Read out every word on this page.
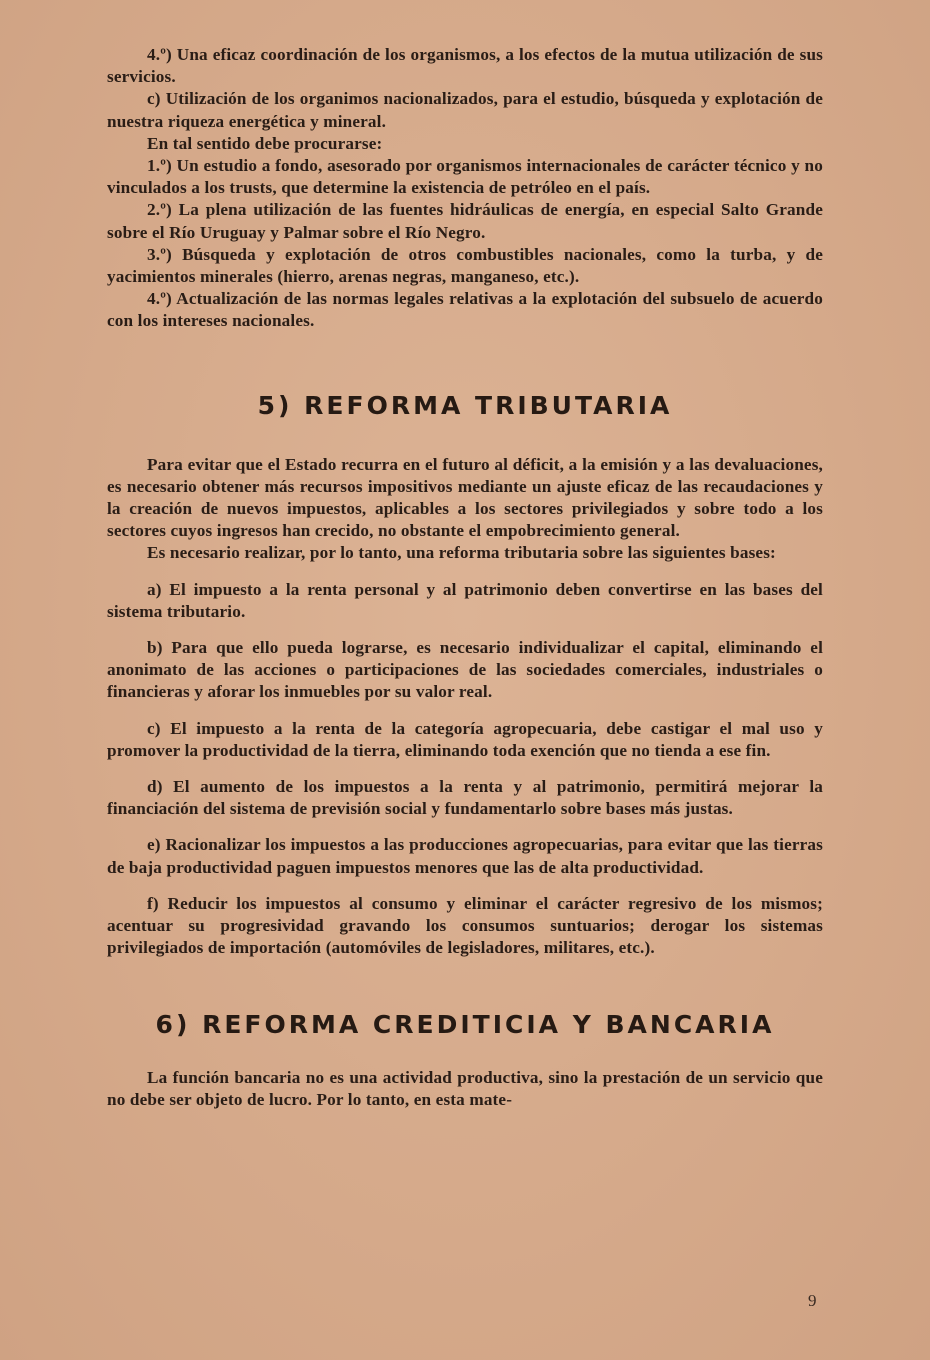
4.º) Una eficaz coordinación de los organismos, a los efectos de la mutua utilización de sus servicios.

c) Utilización de los organimos nacionalizados, para el estudio, búsqueda y explotación de nuestra riqueza energética y mineral.

En tal sentido debe procurarse:

1.º) Un estudio a fondo, asesorado por organismos internacionales de carácter técnico y no vinculados a los trusts, que determine la existencia de petróleo en el país.

2.º) La plena utilización de las fuentes hidráulicas de energía, en especial Salto Grande sobre el Río Uruguay y Palmar sobre el Río Negro.

3.º) Búsqueda y explotación de otros combustibles nacionales, como la turba, y de yacimientos minerales (hierro, arenas negras, manganeso, etc.).

4.º) Actualización de las normas legales relativas a la explotación del subsuelo de acuerdo con los intereses nacionales.

5) REFORMA TRIBUTARIA

Para evitar que el Estado recurra en el futuro al déficit, a la emisión y a las devaluaciones, es necesario obtener más recursos impositivos mediante un ajuste eficaz de las recaudaciones y la creación de nuevos impuestos, aplicables a los sectores privilegiados y sobre todo a los sectores cuyos ingresos han crecido, no obstante el empobrecimiento general.

Es necesario realizar, por lo tanto, una reforma tributaria sobre las siguientes bases:

a) El impuesto a la renta personal y al patrimonio deben convertirse en las bases del sistema tributario.

b) Para que ello pueda lograrse, es necesario individualizar el capital, eliminando el anonimato de las acciones o participaciones de las sociedades comerciales, industriales o financieras y aforar los inmuebles por su valor real.

c) El impuesto a la renta de la categoría agropecuaria, debe castigar el mal uso y promover la productividad de la tierra, eliminando toda exención que no tienda a ese fin.

d) El aumento de los impuestos a la renta y al patrimonio, permitirá mejorar la financiación del sistema de previsión social y fundamentarlo sobre bases más justas.

e) Racionalizar los impuestos a las producciones agropecuarias, para evitar que las tierras de baja productividad paguen impuestos menores que las de alta productividad.

f) Reducir los impuestos al consumo y eliminar el carácter regresivo de los mismos; acentuar su progresividad gravando los consumos suntuarios; derogar los sistemas privilegiados de importación (automóviles de legisladores, militares, etc.).

6) REFORMA CREDITICIA Y BANCARIA

La función bancaria no es una actividad productiva, sino la prestación de un servicio que no debe ser objeto de lucro. Por lo tanto, en esta mate-

9
